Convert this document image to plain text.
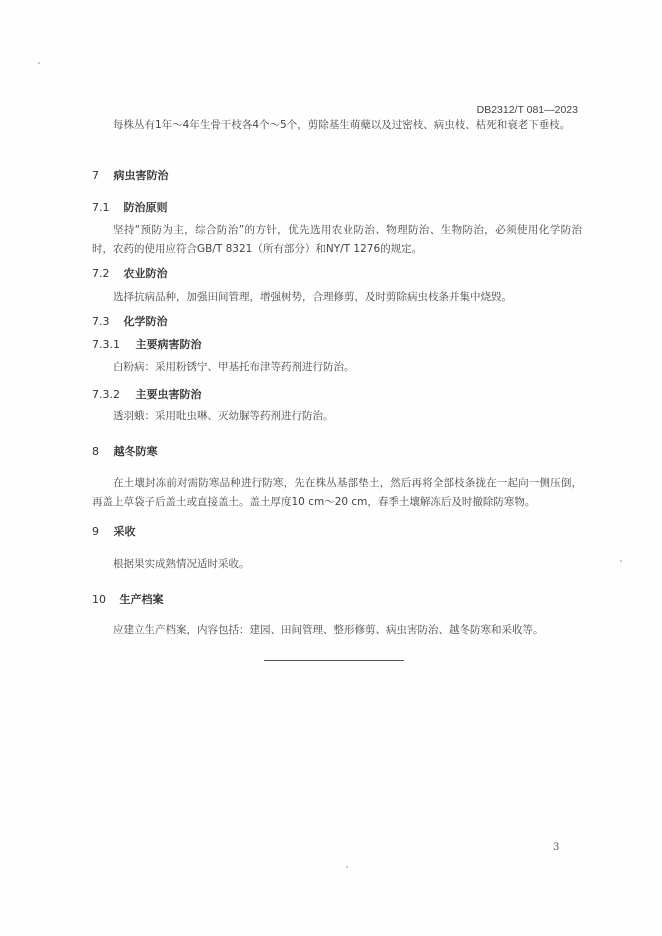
DB2312/T 081—2023
每株丛有1年～4年生骨干枝各4个～5个，剪除基生萌蘖以及过密枝、病虫枝、枯死和衰老下垂枝。
7 病虫害防治
7.1 防治原则
坚持“预防为主，综合防治”的方针，优先选用农业防治、物理防治、生物防治，必须使用化学防治时，农药的使用应符合GB/T 8321（所有部分）和NY/T 1276的规定。
7.2 农业防治
选择抗病品种，加强田间管理，增强树势，合理修剪，及时剪除病虫枝条并集中烧毁。
7.3 化学防治
7.3.1 主要病害防治
白粉病：采用粉锈宁、甲基托布津等药剂进行防治。
7.3.2 主要虫害防治
透羽蛾：采用吡虫啉、灭幼脲等药剂进行防治。
8 越冬防寒
在土壤封冻前对需防寒品种进行防寒，先在株丛基部垫土，然后再将全部枝条拢在一起向一侧压倒，再盖上草袋子后盖土或直接盖土。盖土厚度10 cm～20 cm，春季土壤解冻后及时撤除防寒物。
9 采收
根据果实成熟情况适时采收。
10 生产档案
应建立生产档案，内容包括：建园、田间管理、整形修剪、病虫害防治、越冬防寒和采收等。
3
